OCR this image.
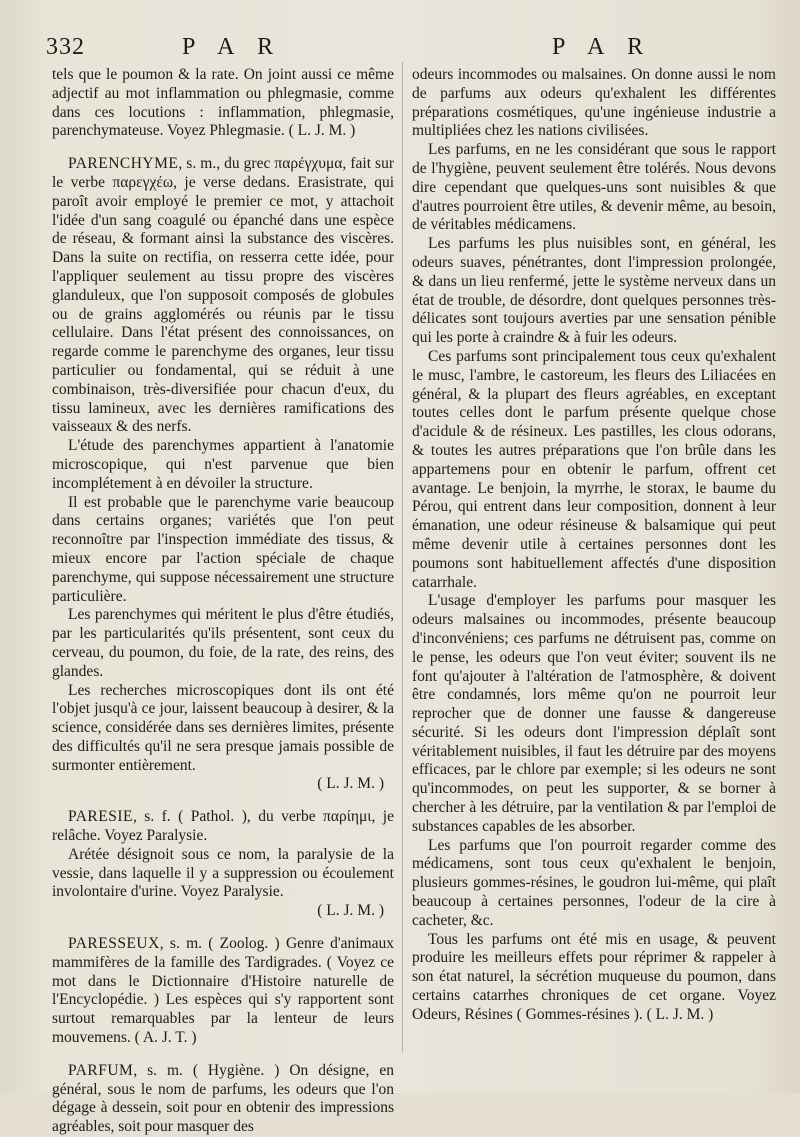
332	P A R	P A R

tels que le poumon & la rate. On joint aussi ce même adjectif au mot inflammation ou phlegmasie, comme dans ces locutions : inflammation, phlegmasie, parenchymateuse. Voyez Phlegmasie. ( L. J. M. )

PARENCHYME, s. m., du grec παρέγχυμα, fait sur le verbe παρεγχέω, je verse dedans. Erasistrate, qui paroît avoir employé le premier ce mot, y attachoit l'idée d'un sang coagulé ou épanché dans une espèce de réseau, & formant ainsi la substance des viscères. Dans la suite on rectifia, on resserra cette idée, pour l'appliquer seulement au tissu propre des viscères glanduleux, que l'on supposoit composés de globules ou de grains agglomérés ou réunis par le tissu cellulaire. Dans l'état présent des connoissances, on regarde comme le parenchyme des organes, leur tissu particulier ou fondamental, qui se réduit à une combinaison, très-diversifiée pour chacun d'eux, du tissu lamineux, avec les dernières ramifications des vaisseaux & des nerfs.

L'étude des parenchymes appartient à l'anatomie microscopique, qui n'est parvenue que bien incomplétement à en dévoiler la structure.

Il est probable que le parenchyme varie beaucoup dans certains organes; variétés que l'on peut reconnoître par l'inspection immédiate des tissus, & mieux encore par l'action spéciale de chaque parenchyme, qui suppose nécessairement une structure particulière.

Les parenchymes qui méritent le plus d'être étudiés, par les particularités qu'ils présentent, sont ceux du cerveau, du poumon, du foie, de la rate, des reins, des glandes.

Les recherches microscopiques dont ils ont été l'objet jusqu'à ce jour, laissent beaucoup à desirer, & la science, considérée dans ses dernières limites, présente des difficultés qu'il ne sera presque jamais possible de surmonter entièrement.

( L. J. M. )

PARESIE, s. f. ( Pathol. ), du verbe παρίημι, je relâche. Voyez Paralysie.

Arétée désignoit sous ce nom, la paralysie de la vessie, dans laquelle il y a suppression ou écoulement involontaire d'urine. Voyez Paralysie.

( L. J. M. )

PARESSEUX, s. m. ( Zoolog. ) Genre d'animaux mammifères de la famille des Tardigrades. ( Voyez ce mot dans le Dictionnaire d'Histoire naturelle de l'Encyclopédie. ) Les espèces qui s'y rapportent sont surtout remarquables par la lenteur de leurs mouvemens. ( A. J. T. )

PARFUM, s. m. ( Hygiène. ) On désigne, en général, sous le nom de parfums, les odeurs que l'on dégage à dessein, soit pour en obtenir des impressions agréables, soit pour masquer des

odeurs incommodes ou malsaines. On donne aussi le nom de parfums aux odeurs qu'exhalent les différentes préparations cosmétiques, qu'une ingénieuse industrie a multipliées chez les nations civilisées.

Les parfums, en ne les considérant que sous le rapport de l'hygiène, peuvent seulement être tolérés. Nous devons dire cependant que quelques-uns sont nuisibles & que d'autres pourroient être utiles, & devenir même, au besoin, de véritables médicamens.

Les parfums les plus nuisibles sont, en général, les odeurs suaves, pénétrantes, dont l'impression prolongée, & dans un lieu renfermé, jette le système nerveux dans un état de trouble, de désordre, dont quelques personnes très-délicates sont toujours averties par une sensation pénible qui les porte à craindre & à fuir les odeurs.

Ces parfums sont principalement tous ceux qu'exhalent le musc, l'ambre, le castoreum, les fleurs des Liliacées en général, & la plupart des fleurs agréables, en exceptant toutes celles dont le parfum présente quelque chose d'acidule & de résineux. Les pastilles, les clous odorans, & toutes les autres préparations que l'on brûle dans les appartemens pour en obtenir le parfum, offrent cet avantage. Le benjoin, la myrrhe, le storax, le baume du Pérou, qui entrent dans leur composition, donnent à leur émanation, une odeur résineuse & balsamique qui peut même devenir utile à certaines personnes dont les poumons sont habituellement affectés d'une disposition catarrhale.

L'usage d'employer les parfums pour masquer les odeurs malsaines ou incommodes, présente beaucoup d'inconvéniens; ces parfums ne détruisent pas, comme on le pense, les odeurs que l'on veut éviter; souvent ils ne font qu'ajouter à l'altération de l'atmosphère, & doivent être condamnés, lors même qu'on ne pourroit leur reprocher que de donner une fausse & dangereuse sécurité. Si les odeurs dont l'impression déplaît sont véritablement nuisibles, il faut les détruire par des moyens efficaces, par le chlore par exemple; si les odeurs ne sont qu'incommodes, on peut les supporter, & se borner à chercher à les détruire, par la ventilation & par l'emploi de substances capables de les absorber.

Les parfums que l'on pourroit regarder comme des médicamens, sont tous ceux qu'exhalent le benjoin, plusieurs gommes-résines, le goudron lui-même, qui plaît beaucoup à certaines personnes, l'odeur de la cire à cacheter, &c.

Tous les parfums ont été mis en usage, & peuvent produire les meilleurs effets pour réprimer & rappeler à son état naturel, la sécrétion muqueuse du poumon, dans certains catarrhes chroniques de cet organe. Voyez Odeurs, Résines ( Gommes-résines ). ( L. J. M. )
